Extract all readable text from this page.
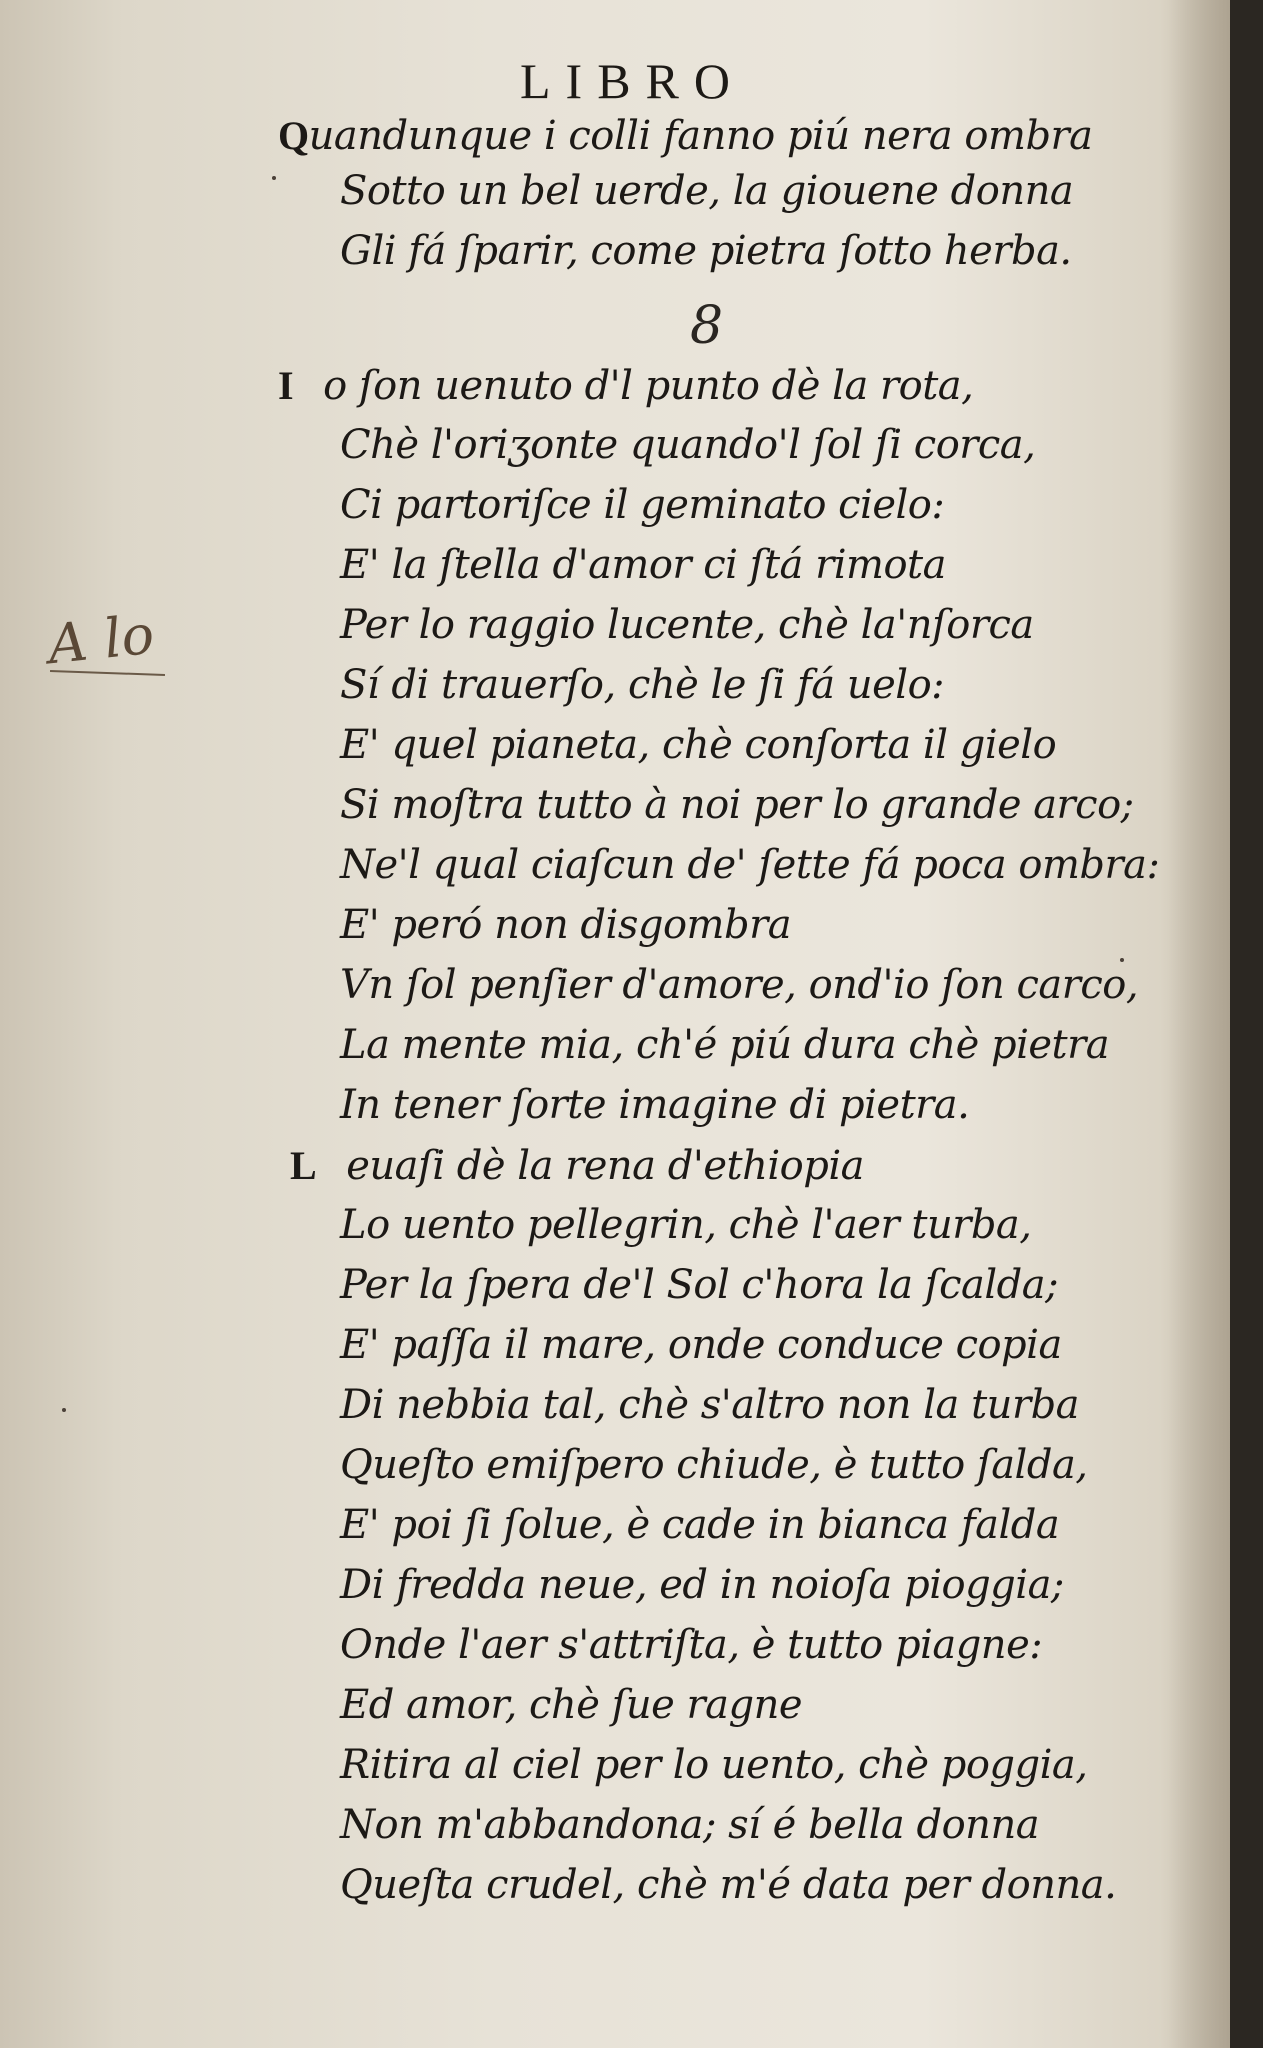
LIBRO
8
A lo
Quandunque i colli fanno piú nera ombra
Sotto un bel uerde, la giouene donna
Gli fá ſparir, come pietra ſotto herba.
I o ſon uenuto d'l punto dè la rota,
Chè l'oriʒonte quando'l ſol ſi corca,
Ci partoriſce il geminato cielo:
E' la ſtella d'amor ci ſtá rimota
Per lo raggio lucente, chè la'nſorca
Sí di trauerſo, chè le ſi fá uelo:
E' quel pianeta, chè conſorta il gielo
Si moſtra tutto à noi per lo grande arco;
Ne'l qual ciaſcun de' ſette fá poca ombra:
E' peró non disgombra
Vn ſol penſier d'amore, ond'io ſon carco,
La mente mia, ch'é piú dura chè pietra
In tener ſorte imagine di pietra.
L euaſi dè la rena d'ethiopia
Lo uento pellegrin, chè l'aer turba,
Per la ſpera de'l Sol c'hora la ſcalda;
E' paſſa il mare, onde conduce copia
Di nebbia tal, chè s'altro non la turba
Queſto emiſpero chiude, è tutto ſalda,
E' poi ſi ſolue, è cade in bianca falda
Di fredda neue, ed in noioſa pioggia;
Onde l'aer s'attriſta, è tutto piagne:
Ed amor, chè ſue ragne
Ritira al ciel per lo uento, chè poggia,
Non m'abbandona; sí é bella donna
Queſta crudel, chè m'é data per donna.
